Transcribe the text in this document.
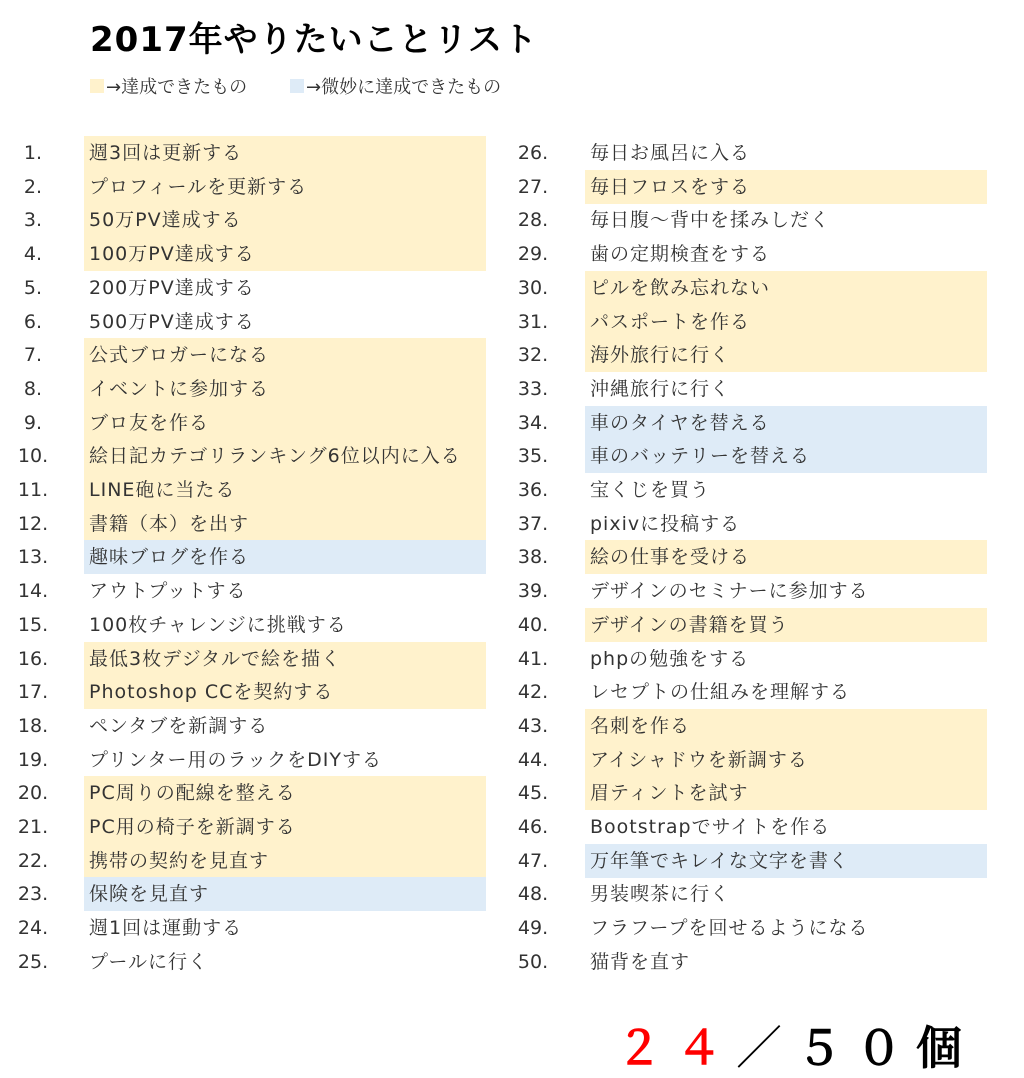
2017年やりたいことリスト
→達成できたもの	→微妙に達成できたもの
1.	週3回は更新する
2.	プロフィールを更新する
3.	50万PV達成する
4.	100万PV達成する
5.	200万PV達成する
6.	500万PV達成する
7.	公式ブロガーになる
8.	イベントに参加する
9.	ブロ友を作る
10.	絵日記カテゴリランキング6位以内に入る
11.	LINE砲に当たる
12.	書籍（本）を出す
13.	趣味ブログを作る
14.	アウトプットする
15.	100枚チャレンジに挑戦する
16.	最低3枚デジタルで絵を描く
17.	Photoshop CCを契約する
18.	ペンタブを新調する
19.	プリンター用のラックをDIYする
20.	PC周りの配線を整える
21.	PC用の椅子を新調する
22.	携帯の契約を見直す
23.	保険を見直す
24.	週1回は運動する
25.	プールに行く
26.	毎日お風呂に入る
27.	毎日フロスをする
28.	毎日腹～背中を揉みしだく
29.	歯の定期検査をする
30.	ピルを飲み忘れない
31.	パスポートを作る
32.	海外旅行に行く
33.	沖縄旅行に行く
34.	車のタイヤを替える
35.	車のバッテリーを替える
36.	宝くじを買う
37.	pixivに投稿する
38.	絵の仕事を受ける
39.	デザインのセミナーに参加する
40.	デザインの書籍を買う
41.	phpの勉強をする
42.	レセプトの仕組みを理解する
43.	名刺を作る
44.	アイシャドウを新調する
45.	眉ティントを試す
46.	Bootstrapでサイトを作る
47.	万年筆でキレイな文字を書く
48.	男装喫茶に行く
49.	フラフープを回せるようになる
50.	猫背を直す
２４／５０個
